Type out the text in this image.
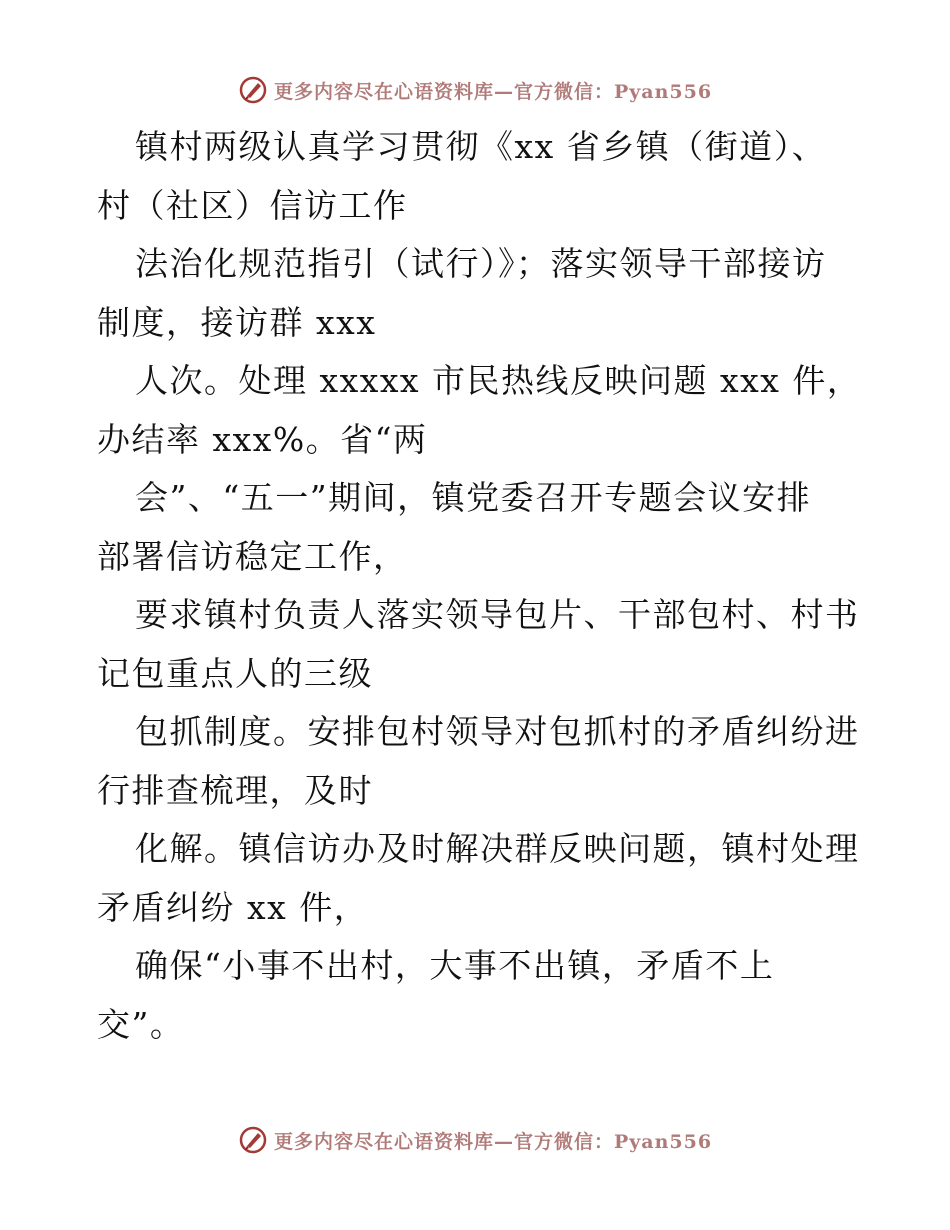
更多内容尽在心语资料库—官方微信：Pyan556
镇村两级认真学习贯彻《xx 省乡镇（街道）、
村（社区）信访工作
法治化规范指引（试行）》；落实领导干部接访
制度，接访群 xxx
人次。处理 xxxxx 市民热线反映问题 xxx 件，
办结率 xxx%。省“两
会”、“五一”期间，镇党委召开专题会议安排
部署信访稳定工作，
要求镇村负责人落实领导包片、干部包村、村书
记包重点人的三级
包抓制度。安排包村领导对包抓村的矛盾纠纷进
行排查梳理，及时
化解。镇信访办及时解决群反映问题，镇村处理
矛盾纠纷 xx 件，
确保“小事不出村，大事不出镇，矛盾不上
交”。
更多内容尽在心语资料库—官方微信：Pyan556
